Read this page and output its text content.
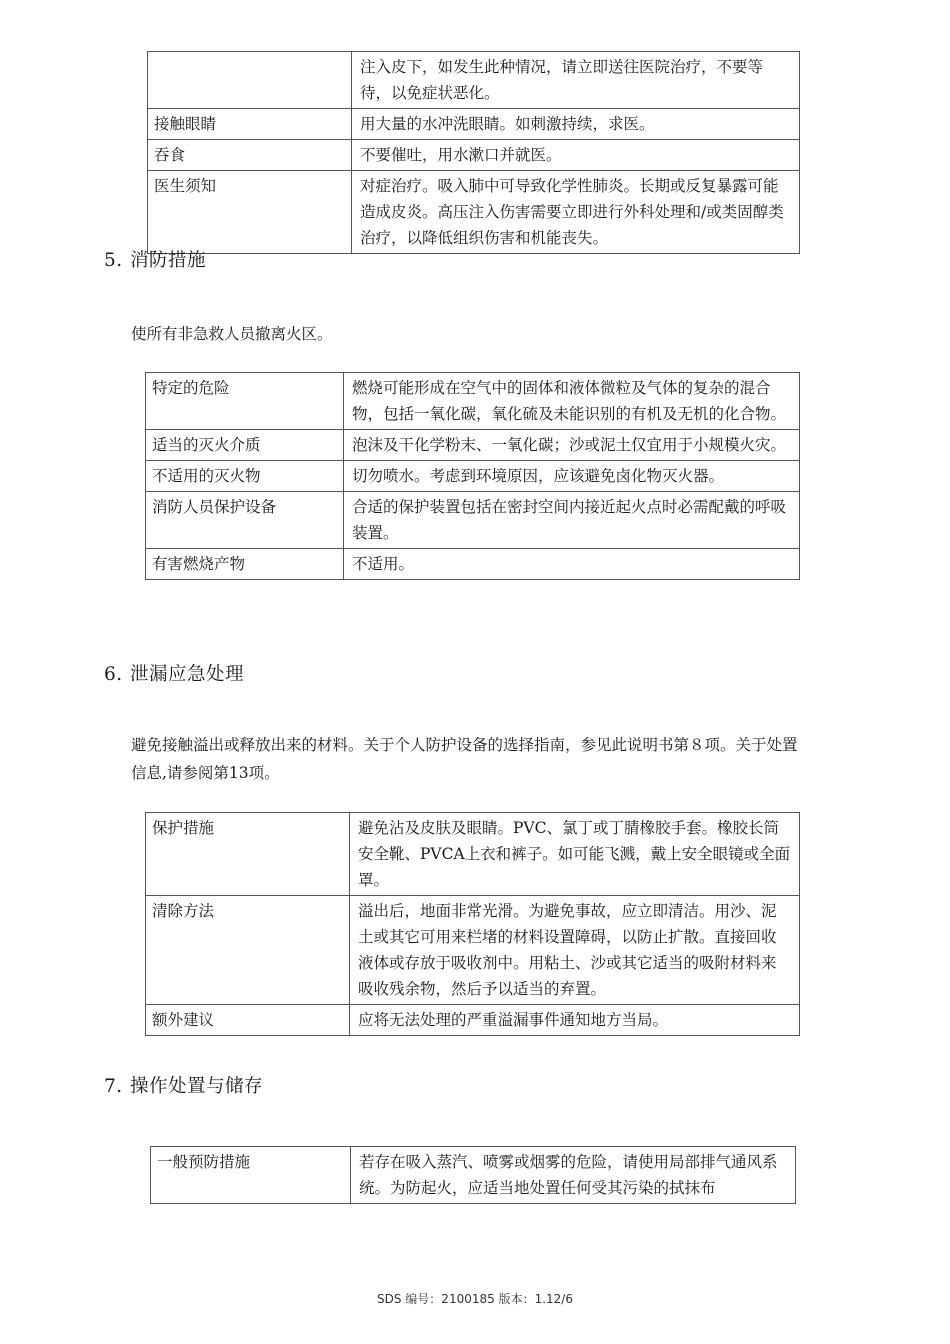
	注入皮下，如发生此种情况，请立即送往医院治疗，不要等待，以免症状恶化。
接触眼睛	用大量的水冲洗眼睛。如刺激持续，求医。
吞食	不要催吐，用水漱口并就医。
医生须知	对症治疗。吸入肺中可导致化学性肺炎。长期或反复暴露可能造成皮炎。高压注入伤害需要立即进行外科处理和/或类固醇类治疗，以降低组织伤害和机能丧失。
5. 消防措施
使所有非急救人员撤离火区。
特定的危险	燃烧可能形成在空气中的固体和液体微粒及气体的复杂的混合物，包括一氧化碳，氧化硫及未能识别的有机及无机的化合物。
适当的灭火介质	泡沫及干化学粉末、一氧化碳；沙或泥土仅宜用于小规模火灾。
不适用的灭火物	切勿喷水。考虑到环境原因，应该避免卤化物灭火器。
消防人员保护设备	合适的保护装置包括在密封空间内接近起火点时必需配戴的呼吸装置。
有害燃烧产物	不适用。
6. 泄漏应急处理
避免接触溢出或释放出来的材料。关于个人防护设备的选择指南，参见此说明书第８项。关于处置信息,请参阅第13项。
保护措施	避免沾及皮肤及眼睛。PVC、氯丁或丁腈橡胶手套。橡胶长筒安全靴、PVCA上衣和裤子。如可能飞溅，戴上安全眼镜或全面罩。
清除方法	溢出后，地面非常光滑。为避免事故，应立即清洁。用沙、泥土或其它可用来栏堵的材料设置障碍，以防止扩散。直接回收液体或存放于吸收剂中。用粘土、沙或其它适当的吸附材料来吸收残余物，然后予以适当的弃置。
额外建议	应将无法处理的严重溢漏事件通知地方当局。
7. 操作处置与储存
一般预防措施	若存在吸入蒸汽、喷雾或烟雾的危险，请使用局部排气通风系统。为防起火，应适当地处置任何受其污染的拭抹布
SDS 编号：2100185 版本：1.12/6
